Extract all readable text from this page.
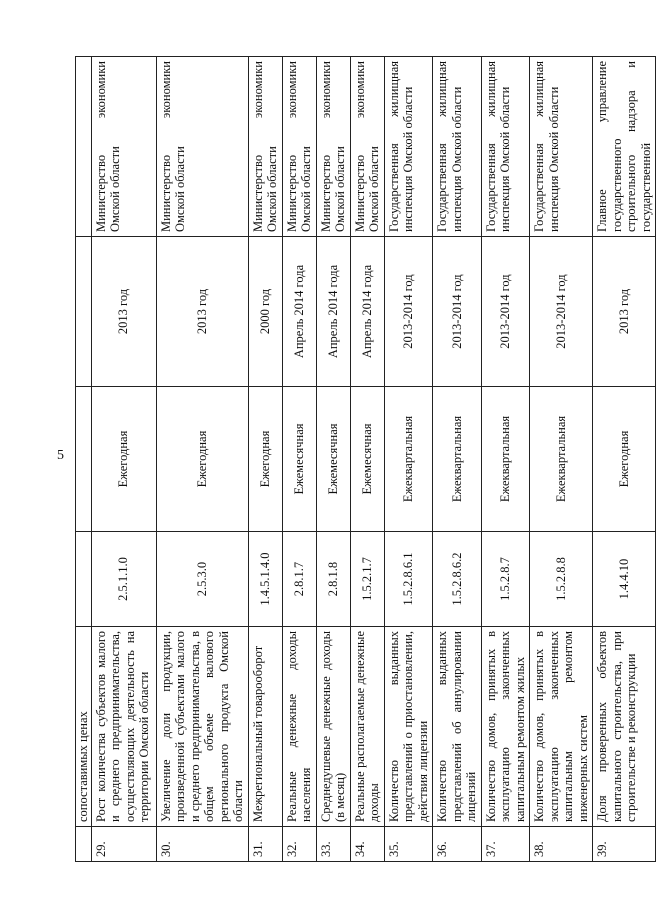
5
	сопоставимых ценах				
29.	Рост количества субъектов малого и среднего предпринимательства, осуществляющих деятельность на территории Омской области	2.5.1.1.0	Ежегодная	2013 год	Министерство экономики Омской области
30.	Увеличение доли продукции, произведенной субъектами малого и среднего предпринимательства, в общем объеме валового регионального продукта Омской области	2.5.3.0	Ежегодная	2013 год	Министерство экономики Омской области
31.	Межрегиональный товарооборот	1.4.5.1.4.0	Ежегодная	2000 год	Министерство экономики Омской области
32.	Реальные денежные доходы населения	2.8.1.7	Ежемесячная	Апрель 2014 года	Министерство экономики Омской области
33.	Среднедушевые денежные доходы (в месяц)	2.8.1.8	Ежемесячная	Апрель 2014 года	Министерство экономики Омской области
34.	Реальные располагаемые денежные доходы	1.5.2.1.7	Ежемесячная	Апрель 2014 года	Министерство экономики Омской области
35.	Количество выданных представлений о приостановлении, действия лицензии	1.5.2.8.6.1	Ежеквартальная	2013-2014 год	Государственная жилищная инспекция Омской области
36.	Количество выданных представлений об аннулировании лицензий	1.5.2.8.6.2	Ежеквартальная	2013-2014 год	Государственная жилищная инспекция Омской области
37.	Количество домов, принятых в эксплуатацию законченных капитальным ремонтом жилых	1.5.2.8.7	Ежеквартальная	2013-2014 год	Государственная жилищная инспекция Омской области
38.	Количество домов, принятых в эксплуатацию законченных капитальным ремонтом инженерных систем	1.5.2.8.8	Ежеквартальная	2013-2014 год	Государственная жилищная инспекция Омской области
39.	Доля проверенных объектов капитального строительства, при строительстве и реконструкции	1.4.4.10	Ежегодная	2013 год	Главное управление государственного строительного надзора и государственной
